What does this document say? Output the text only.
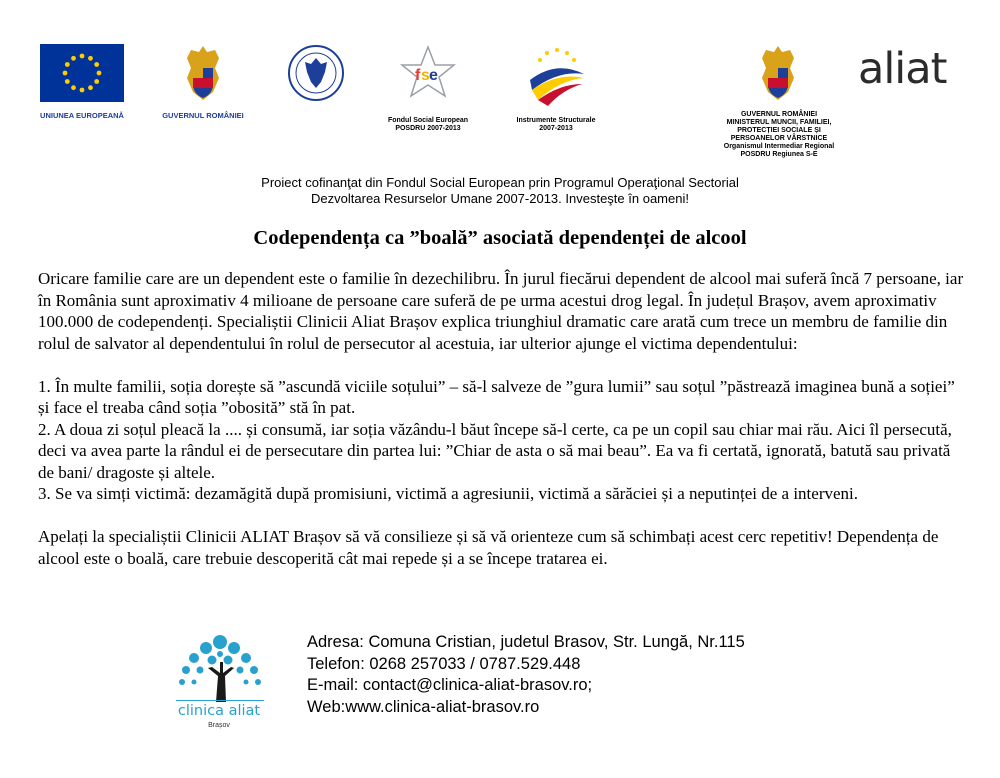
UNIUNEA EUROPEANĂ	GUVERNUL ROMÂNIEI
f s e
Fondul Social European
POSDRU 2007-2013
Instrumente Structurale
2007-2013
GUVERNUL ROMÂNIEI
MINISTERUL MUNCII, FAMILIEI,
PROTECȚIEI SOCIALE ȘI
PERSOANELOR VÂRSTNICE
Organismul Intermediar Regional
POSDRU Regiunea S-E
aliat
Proiect cofinanţat din Fondul Social European prin Programul Operaţional Sectorial
Dezvoltarea Resurselor Umane 2007-2013. Investeşte în oameni!
Codependența ca ”boală” asociată dependenței de alcool

Oricare familie care are un dependent este o familie în dezechilibru. În jurul fiecărui dependent de alcool mai suferă încă 7 persoane, iar în România sunt aproximativ 4 milioane de persoane care suferă de pe urma acestui drog legal. În județul Brașov, avem aproximativ 100.000 de codependenți. Specialiștii Clinicii Aliat Brașov explica triunghiul dramatic care arată cum trece un membru de familie din rolul de salvator al dependentului în rolul de persecutor al acestuia, iar ulterior ajunge el victima dependentului:

1. În multe familii, soția dorește să ”ascundă viciile soțului” – să-l salveze de ”gura lumii” sau soțul ”păstrează imaginea bună a soției” și face el treaba când soția ”obosită” stă în pat.
2. A doua zi soțul pleacă la .... și consumă, iar soția văzându-l băut începe să-l certe, ca pe un copil sau chiar mai rău. Aici îl persecută, deci va avea parte la rândul ei de persecutare din partea lui: ”Chiar de asta o să mai beau”. Ea va fi certată, ignorată, batută sau privată de bani/ dragoste și altele.
3. Se va simți victimă: dezamăgită după promisiuni, victimă a agresiunii, victimă a sărăciei și a neputinței de a interveni.

Apelați la specialiștii Clinicii ALIAT Brașov să vă consilieze și să vă orienteze cum să schimbați acest cerc repetitiv! Dependența de alcool este o boală, care trebuie descoperită cât mai repede și a se începe tratarea ei.

clinica aliat
Brașov
Adresa: Comuna Cristian, judetul Brasov, Str. Lungă, Nr.115
Telefon: 0268 257033 / 0787.529.448
E-mail: contact@clinica-aliat-brasov.ro;
Web:www.clinica-aliat-brasov.ro
